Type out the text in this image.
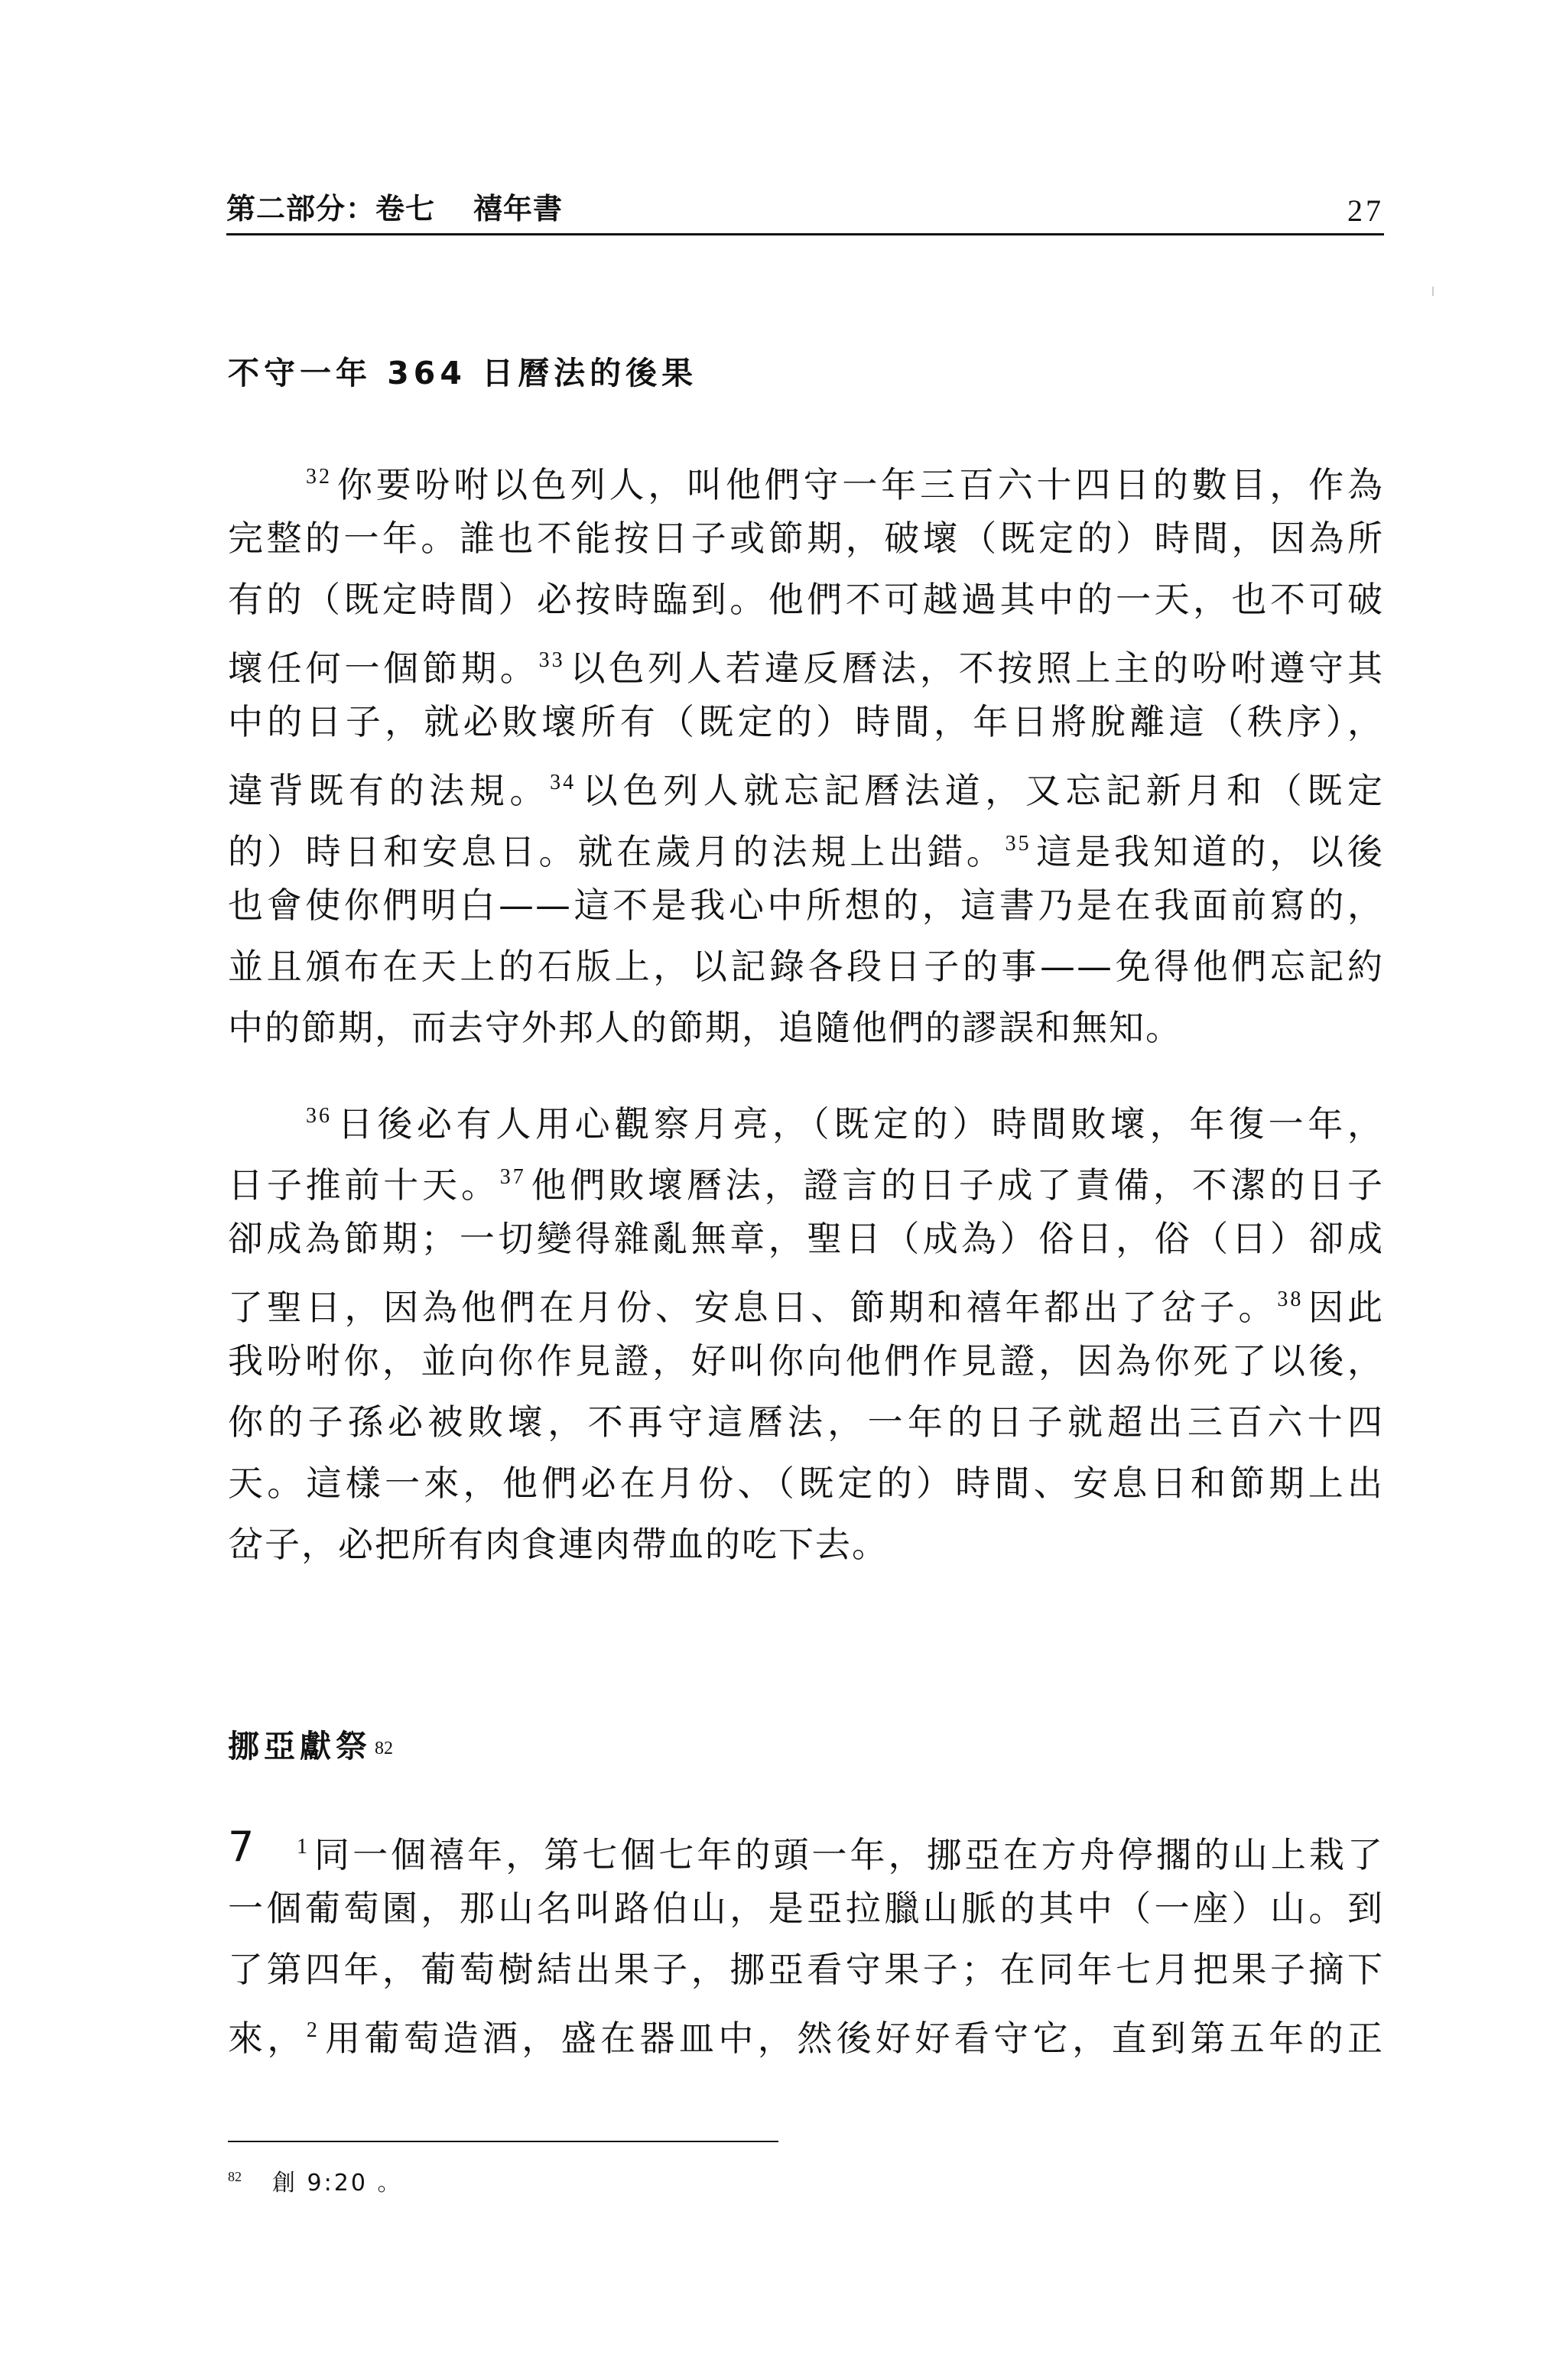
第二部分：卷七 禧年書	27
不守一年 364 日曆法的後果
$^{32}$你要吩咐以色列人，叫他們守一年三百六十四日的數目，作為
完整的一年。誰也不能按日子或節期，破壞（既定的）時間，因為所
有的（既定時間）必按時臨到。他們不可越過其中的一天，也不可破
壞任何一個節期。$^{33}$以色列人若違反曆法，不按照上主的吩咐遵守其
中的日子，就必敗壞所有（既定的）時間，年日將脫離這（秩序），
違背既有的法規。$^{34}$以色列人就忘記曆法道，又忘記新月和（既定
的）時日和安息日。就在歲月的法規上出錯。$^{35}$這是我知道的，以後
也會使你們明白——這不是我心中所想的，這書乃是在我面前寫的，
並且頒布在天上的石版上，以記錄各段日子的事——免得他們忘記約
中的節期，而去守外邦人的節期，追隨他們的謬誤和無知。
$^{36}$日後必有人用心觀察月亮，（既定的）時間敗壞，年復一年，
日子推前十天。$^{37}$他們敗壞曆法，證言的日子成了責備，不潔的日子
卻成為節期；一切變得雜亂無章，聖日（成為）俗日，俗（日）卻成
了聖日，因為他們在月份、安息日、節期和禧年都出了岔子。$^{38}$因此
我吩咐你，並向你作見證，好叫你向他們作見證，因為你死了以後，
你的子孫必被敗壞，不再守這曆法，一年的日子就超出三百六十四
天。這樣一來，他們必在月份、（既定的）時間、安息日和節期上出
岔子，必把所有肉食連肉帶血的吃下去。
挪亞獻祭 82
7 $^1$同一個禧年，第七個七年的頭一年，挪亞在方舟停擱的山上栽了
一個葡萄園，那山名叫路伯山，是亞拉臘山脈的其中（一座）山。到
了第四年，葡萄樹結出果子，挪亞看守果子；在同年七月把果子摘下
來，$^2$用葡萄造酒，盛在器皿中，然後好好看守它，直到第五年的正
$^{82}$ 創 9:20 。
